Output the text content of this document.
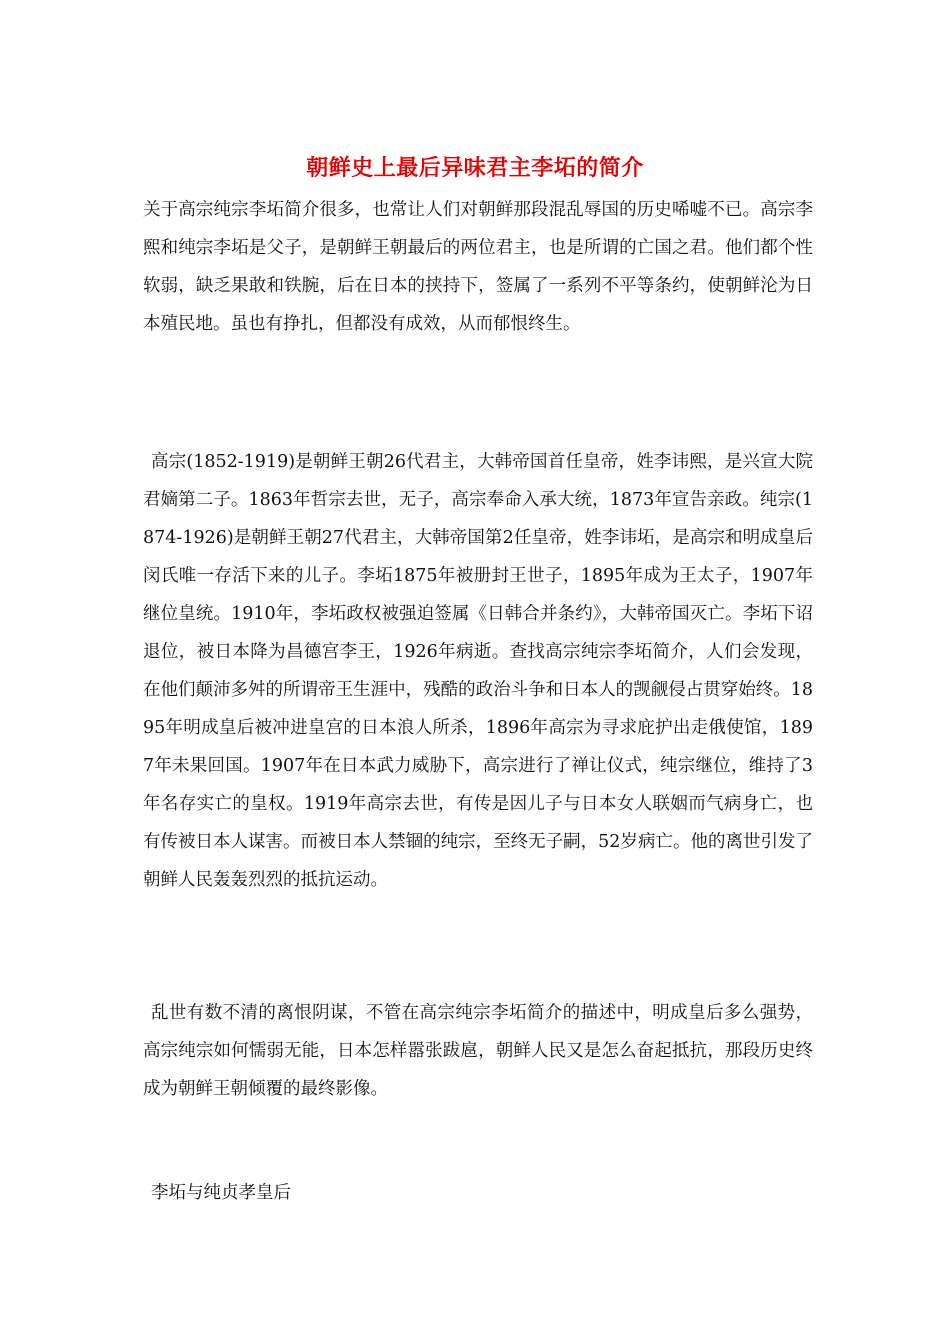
朝鲜史上最后异味君主李坧的简介

关于高宗纯宗李坧简介很多，也常让人们对朝鲜那段混乱辱国的历史唏嘘不已。高宗李熙和纯宗李坧是父子，是朝鲜王朝最后的两位君主，也是所谓的亡国之君。他们都个性软弱，缺乏果敢和铁腕，后在日本的挟持下，签属了一系列不平等条约，使朝鲜沦为日本殖民地。虽也有挣扎，但都没有成效，从而郁恨终生。

高宗(1852-1919)是朝鲜王朝26代君主，大韩帝国首任皇帝，姓李讳熙，是兴宣大院君嫡第二子。1863年哲宗去世，无子，高宗奉命入承大统，1873年宣告亲政。纯宗(1874-1926)是朝鲜王朝27代君主，大韩帝国第2任皇帝，姓李讳坧，是高宗和明成皇后闵氏唯一存活下来的儿子。李坧1875年被册封王世子，1895年成为王太子，1907年继位皇统。1910年，李坧政权被强迫签属《日韩合并条约》，大韩帝国灭亡。李坧下诏退位，被日本降为昌德宫李王，1926年病逝。查找高宗纯宗李坧简介，人们会发现，在他们颠沛多舛的所谓帝王生涯中，残酷的政治斗争和日本人的觊觎侵占贯穿始终。1895年明成皇后被冲进皇宫的日本浪人所杀，1896年高宗为寻求庇护出走俄使馆，1897年未果回国。1907年在日本武力威胁下，高宗进行了禅让仪式，纯宗继位，维持了3年名存实亡的皇权。1919年高宗去世，有传是因儿子与日本女人联姻而气病身亡，也有传被日本人谋害。而被日本人禁锢的纯宗，至终无子嗣，52岁病亡。他的离世引发了朝鲜人民轰轰烈烈的抵抗运动。

乱世有数不清的离恨阴谋，不管在高宗纯宗李坧简介的描述中，明成皇后多么强势，高宗纯宗如何懦弱无能，日本怎样嚣张跋扈，朝鲜人民又是怎么奋起抵抗，那段历史终成为朝鲜王朝倾覆的最终影像。

李坧与纯贞孝皇后
